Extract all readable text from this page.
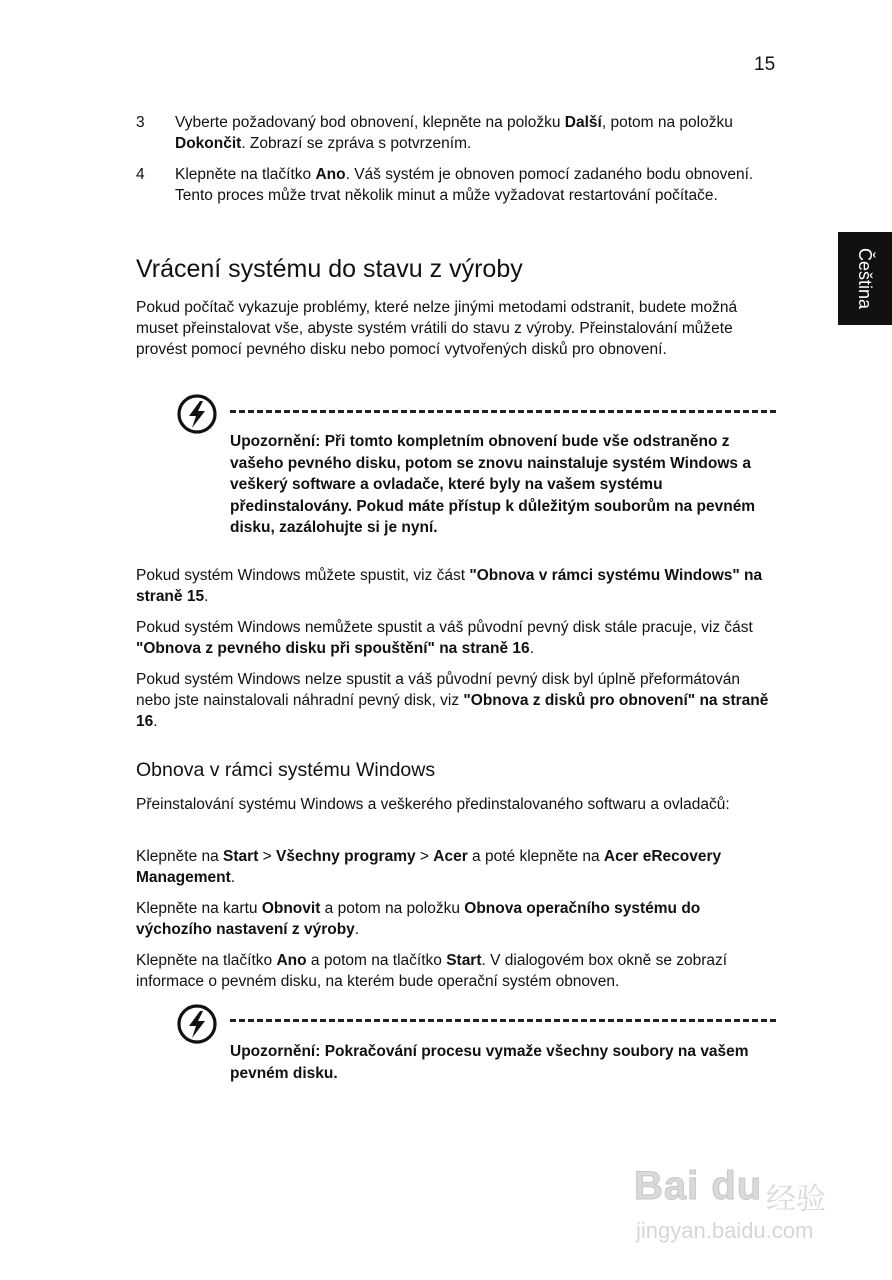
15
Čeština
3 Vyberte požadovaný bod obnovení, klepněte na položku Další, potom na položku Dokončit. Zobrazí se zpráva s potvrzením.
4 Klepněte na tlačítko Ano. Váš systém je obnoven pomocí zadaného bodu obnovení. Tento proces může trvat několik minut a může vyžadovat restartování počítače.
Vrácení systému do stavu z výroby

Pokud počítač vykazuje problémy, které nelze jinými metodami odstranit, budete možná muset přeinstalovat vše, abyste systém vrátili do stavu z výroby. Přeinstalování můžete provést pomocí pevného disku nebo pomocí vytvořených disků pro obnovení.

Upozornění: Při tomto kompletním obnovení bude vše odstraněno z vašeho pevného disku, potom se znovu nainstaluje systém Windows a veškerý software a ovladače, které byly na vašem systému předinstalovány. Pokud máte přístup k důležitým souborům na pevném disku, zazálohujte si je nyní.

Pokud systém Windows můžete spustit, viz část "Obnova v rámci systému Windows" na straně 15.

Pokud systém Windows nemůžete spustit a váš původní pevný disk stále pracuje, viz část "Obnova z pevného disku při spouštění" na straně 16.

Pokud systém Windows nelze spustit a váš původní pevný disk byl úplně přeformátován nebo jste nainstalovali náhradní pevný disk, viz "Obnova z disků pro obnovení" na straně 16.

Obnova v rámci systému Windows

Přeinstalování systému Windows a veškerého předinstalovaného softwaru a ovladačů:

Klepněte na Start > Všechny programy > Acer a poté klepněte na Acer eRecovery Management.

Klepněte na kartu Obnovit a potom na položku Obnova operačního systému do výchozího nastavení z výroby.

Klepněte na tlačítko Ano a potom na tlačítko Start. V dialogovém box okně se zobrazí informace o pevném disku, na kterém bude operační systém obnoven.

Upozornění: Pokračování procesu vymaže všechny soubory na vašem pevném disku.

Bai du 经验
jingyan.baidu.com
